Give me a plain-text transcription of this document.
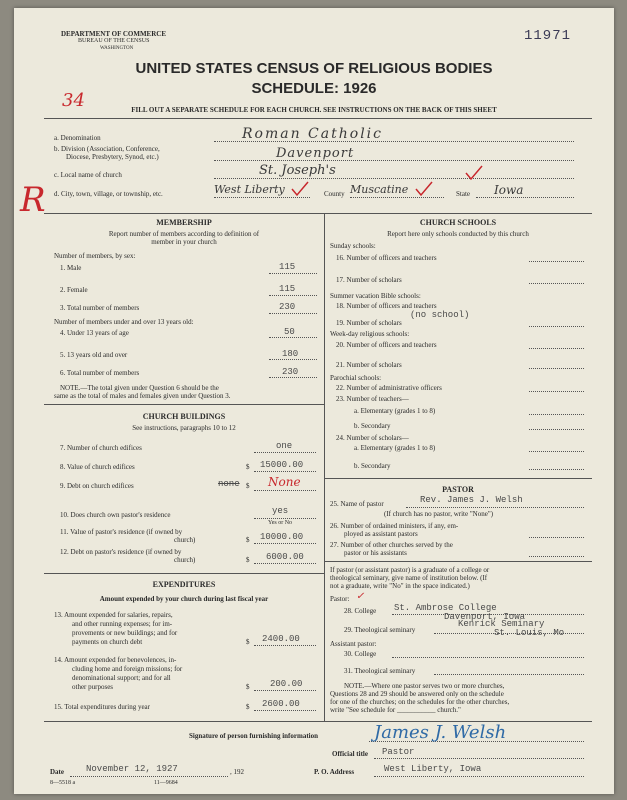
DEPARTMENT OF COMMERCE
BUREAU OF THE CENSUS
WASHINGTON
11971
UNITED STATES CENSUS OF RELIGIOUS BODIES
SCHEDULE: 1926
34	FILL OUT A SEPARATE SCHEDULE FOR EACH CHURCH. SEE INSTRUCTIONS ON THE BACK OF THIS SHEET
R
a. Denomination	Roman Catholic
b. Division (Association, Conference,
Diocese, Presbytery, Synod, etc.)	Davenport
c. Local name of church	St. Joseph's
d. City, town, village, or township, etc.	West Liberty	County Muscatine	State Iowa
MEMBERSHIP
Report number of members according to definition of
member in your church
Number of members, by sex:
1. Male	115
2. Female	115
3. Total number of members	230
Number of members under and over 13 years old:
4. Under 13 years of age	50
5. 13 years old and over	180
6. Total number of members	230
NOTE.—The total given under Question 6 should be the
same as the total of males and females given under Question 3.
CHURCH BUILDINGS
See instructions, paragraphs 10 to 12
7. Number of church edifices	one
8. Value of church edifices	$ 15000.00
9. Debt on church edifices	$
none None
10. Does church own pastor's residence	yes
Yes or No
11. Value of pastor's residence (if owned by
church)	$ 10000.00
12. Debt on pastor's residence (if owned by
church)	$ 6000.00
EXPENDITURES
Amount expended by your church during last fiscal year
13. Amount expended for salaries, repairs,
and other running expenses; for im-
provements or new buildings; and for
payments on church debt	$ 2400.00
14. Amount expended for benevolences, in-
cluding home and foreign missions; for
denominational support; and for all
other purposes	$ 200.00
15. Total expenditures during year	$ 2600.00
CHURCH SCHOOLS
Report here only schools conducted by this church
Sunday schools:
16. Number of officers and teachers
17. Number of scholars
Summer vacation Bible schools:
18. Number of officers and teachers
(no school)
19. Number of scholars
Week-day religious schools:
20. Number of officers and teachers
21. Number of scholars
Parochial schools:
22. Number of administrative officers
23. Number of teachers—
a. Elementary (grades 1 to 8)
b. Secondary
24. Number of scholars—
a. Elementary (grades 1 to 8)
b. Secondary
PASTOR
25. Name of pastor	Rev. James J. Welsh
(If church has no pastor, write "None")
26. Number of ordained ministers, if any, em-
ployed as assistant pastors
27. Number of other churches served by the
pastor or his assistants
If pastor (or assistant pastor) is a graduate of a college or
theological seminary, give name of institution below. (If
not a graduate, write "No" in the space indicated.)
Pastor: ✓
28. College St. Ambrose College
Davenport, Iowa
29. Theological seminary
Kenrick Seminary
St. Louis, Mo
Assistant pastor:
30. College
31. Theological seminary
NOTE.—Where one pastor serves two or more churches,
Questions 28 and 29 should be answered only on the schedule
for one of the churches; on the schedules for the other churches,
write "See schedule for ___________ church."
Signature of person furnishing information	James J. Welsh
Official title Pastor
Date November 12, 1927	, 192	P. O. Address	West Liberty, Iowa
8—5518 a	11—9684
